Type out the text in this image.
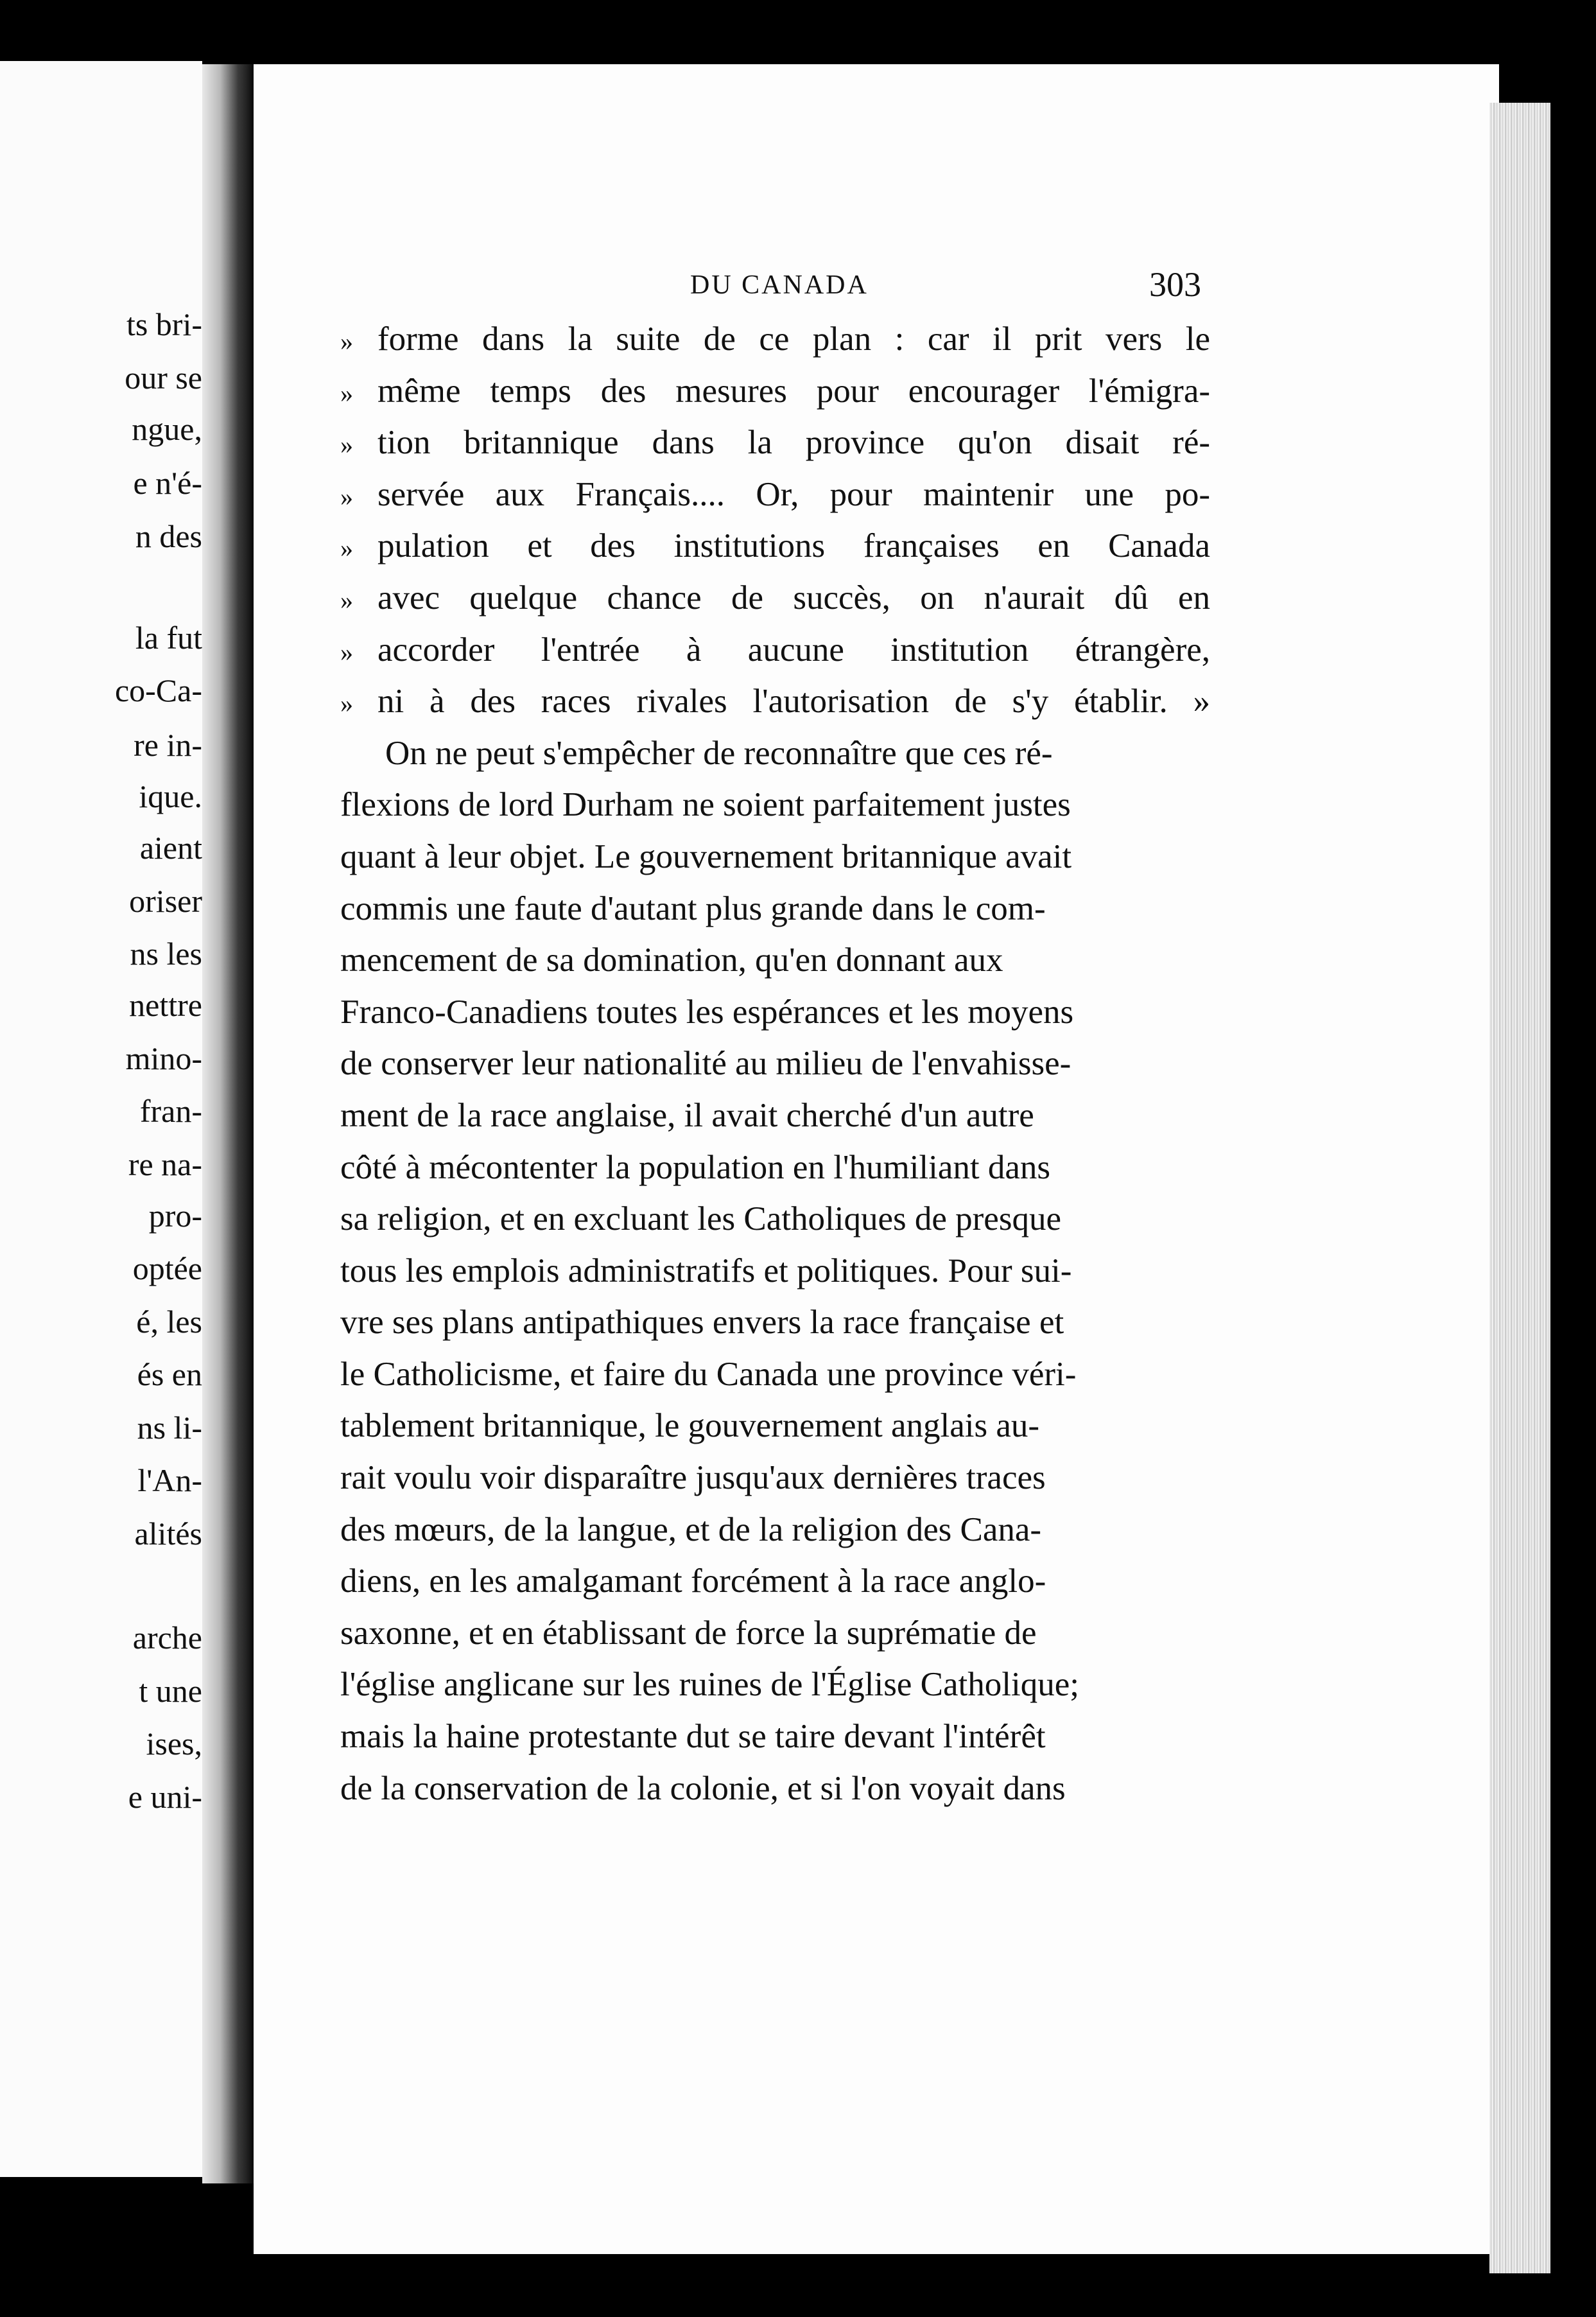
ts bri-

our se

ngue,

e n'é-

n des

la fut

co-Ca-

re in-

ique.

aient

oriser

ns les

nettre

mino-

fran-

re na-

pro-

optée

é, les

és en

ns li-

l'An-

alités

arche

t une

ises,

e uni-

DU CANADA	303
» forme dans la suite de ce plan : car il prit vers le
» même temps des mesures pour encourager l'émigra-
» tion britannique dans la province qu'on disait ré-
» servée aux Français.... Or, pour maintenir une po-
» pulation et des institutions françaises en Canada
» avec quelque chance de succès, on n'aurait dû en
» accorder l'entrée à aucune institution étrangère,
» ni à des races rivales l'autorisation de s'y établir. »
On ne peut s'empêcher de reconnaître que ces ré-
flexions de lord Durham ne soient parfaitement justes
quant à leur objet. Le gouvernement britannique avait
commis une faute d'autant plus grande dans le com-
mencement de sa domination, qu'en donnant aux
Franco-Canadiens toutes les espérances et les moyens
de conserver leur nationalité au milieu de l'envahisse-
ment de la race anglaise, il avait cherché d'un autre
côté à mécontenter la population en l'humiliant dans
sa religion, et en excluant les Catholiques de presque
tous les emplois administratifs et politiques. Pour sui-
vre ses plans antipathiques envers la race française et
le Catholicisme, et faire du Canada une province véri-
tablement britannique, le gouvernement anglais au-
rait voulu voir disparaître jusqu'aux dernières traces
des mœurs, de la langue, et de la religion des Cana-
diens, en les amalgamant forcément à la race anglo-
saxonne, et en établissant de force la suprématie de
l'église anglicane sur les ruines de l'Église Catholique;
mais la haine protestante dut se taire devant l'intérêt
de la conservation de la colonie, et si l'on voyait dans
